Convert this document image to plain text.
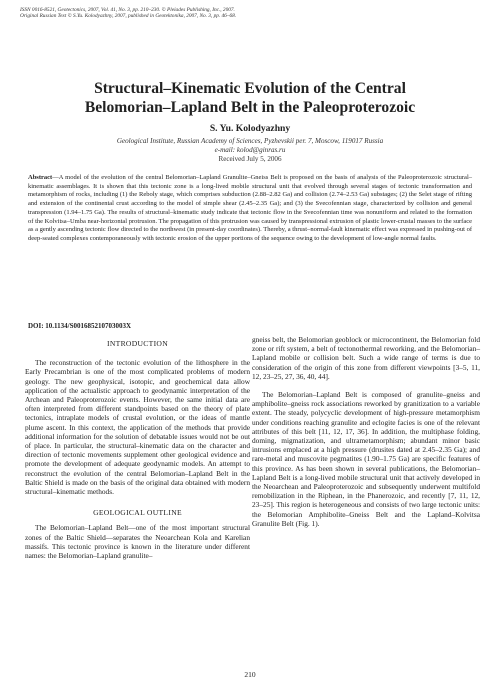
ISSN 0016-8521, Geotectonics, 2007, Vol. 41, No. 3, pp. 210–230. © Pleiades Publishing, Inc., 2007.
Original Russian Text © S.Yu. Kolodyazhny, 2007, published in Geotektonika, 2007, No. 3, pp. 46–68.
Structural–Kinematic Evolution of the Central
Belomorian–Lapland Belt in the Paleoproterozoic
S. Yu. Kolodyazhny
Geological Institute, Russian Academy of Sciences, Pyzhevskii per. 7, Moscow, 119017 Russia
e-mail: kolod@ginras.ru
Received July 5, 2006
Abstract—A model of the evolution of the central Belomorian–Lapland Granulite–Gneiss Belt is proposed on the basis of analysis of the Paleoproterozoic structural–kinematic assemblages. It is shown that this tectonic zone is a long-lived mobile structural unit that evolved through several stages of tectonic transformation and metamorphism of rocks, including (1) the Reboly stage, which comprises subduction (2.88–2.82 Ga) and collision (2.74–2.53 Ga) substages; (2) the Selet stage of rifting and extension of the continental crust according to the model of simple shear (2.45–2.35 Ga); and (3) the Svecofennian stage, characterized by collision and general transpression (1.94–1.75 Ga). The results of structural–kinematic study indicate that tectonic flow in the Svecofennian time was nonuniform and related to the formation of the Kolvitsa–Umba near-horizontal protrusion. The propagation of this protrusion was caused by transpressional extrusion of plastic lower-crustal masses to the surface as a gently ascending tectonic flow directed to the northwest (in present-day coordinates). Thereby, a thrust–normal-fault kinematic effect was expressed in pushing-out of deep-seated complexes contemporaneously with tectonic erosion of the upper portions of the sequence owing to the development of low-angle normal faults.
DOI: 10.1134/S001685210703003X
INTRODUCTION

The reconstruction of the tectonic evolution of the lithosphere in the Early Precambrian is one of the most complicated problems of modern geology. The new geophysical, isotopic, and geochemical data allow application of the actualistic approach to geodynamic interpretation of the Archean and Paleoproterozoic events. However, the same initial data are often interpreted from different standpoints based on the theory of plate tectonics, intraplate models of crustal evolution, or the ideas of mantle plume ascent. In this context, the application of the methods that provide additional information for the solution of debatable issues would not be out of place. In particular, the structural–kinematic data on the character and direction of tectonic movements supplement other geological evidence and promote the development of adequate geodynamic models. An attempt to reconstruct the evolution of the central Belomorian–Lapland Belt in the Baltic Shield is made on the basis of the original data obtained with modern structural–kinematic methods.

GEOLOGICAL OUTLINE

The Belomorian–Lapland Belt—one of the most important structural zones of the Baltic Shield—separates the Neoarchean Kola and Karelian massifs. This tectonic province is known in the literature under different names: the Belomorian–Lapland granulite–

gneiss belt, the Belomorian geoblock or microcontinent, the Belomorian fold zone or rift system, a belt of tectonothermal reworking, and the Belomorian–Lapland mobile or collision belt. Such a wide range of terms is due to consideration of the origin of this zone from different viewpoints [3–5, 11, 12, 23–25, 27, 36, 40, 44].

The Belomorian–Lapland Belt is composed of granulite–gneiss and amphibolite–gneiss rock associations reworked by granitization to a variable extent. The steady, polycyclic development of high-pressure metamorphism under conditions reaching granulite and eclogite facies is one of the relevant attributes of this belt [11, 12, 17, 36]. In addition, the multiphase folding, doming, migmatization, and ultrametamorphism; abundant minor basic intrusions emplaced at a high pressure (drusites dated at 2.45–2.35 Ga); and rare-metal and muscovite pegmatites (1.90–1.75 Ga) are specific features of this province. As has been shown in several publications, the Belomorian–Lapland Belt is a long-lived mobile structural unit that actively developed in the Neoarchean and Paleoproterozoic and subsequently underwent multifold remobilization in the Riphean, in the Phanerozoic, and recently [7, 11, 12, 23–25]. This region is heterogeneous and consists of two large tectonic units: the Belomorian Amphibolite–Gneiss Belt and the Lapland–Kolvitsa Granulite Belt (Fig. 1).

210
